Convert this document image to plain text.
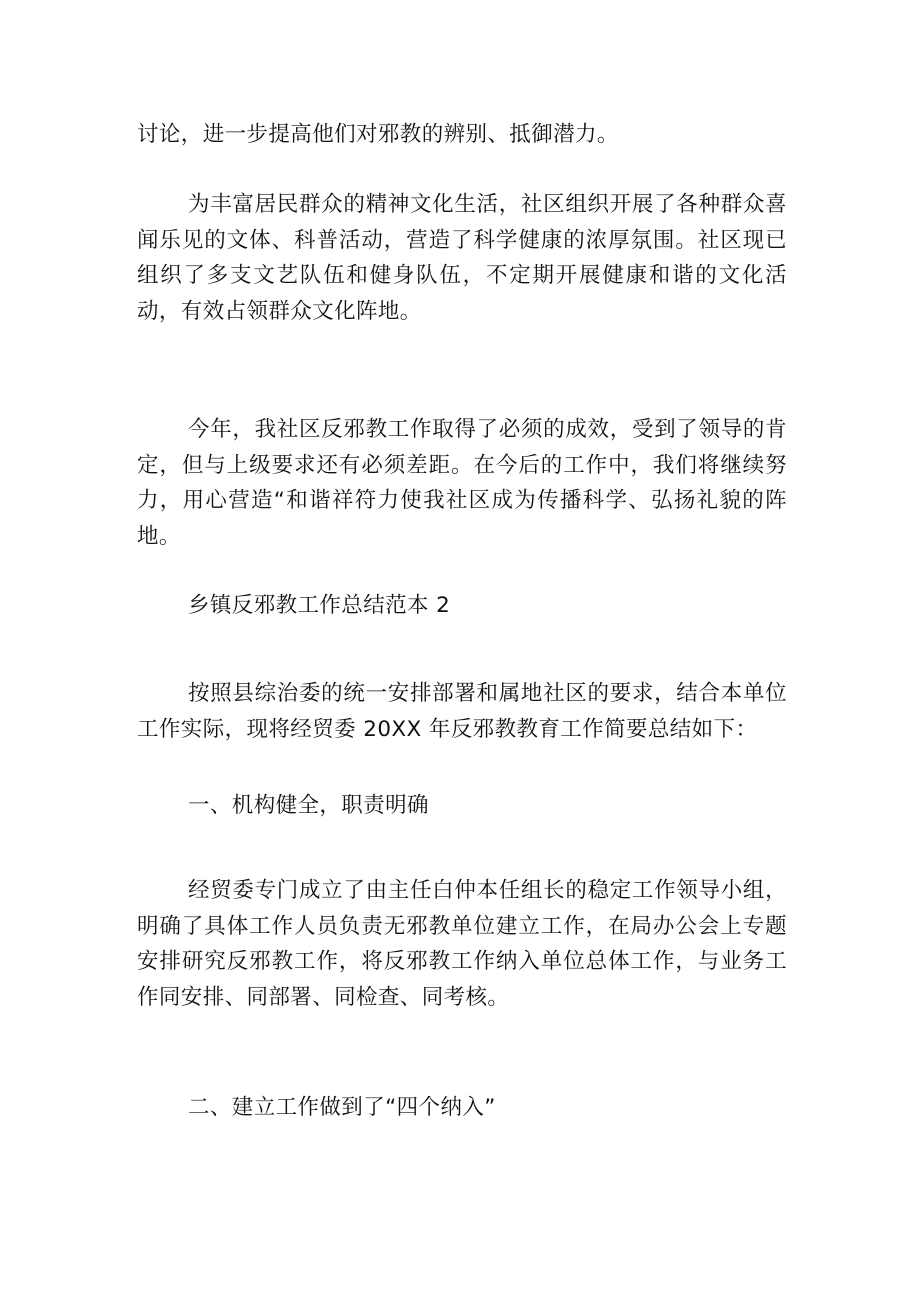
讨论，进一步提高他们对邪教的辨别、抵御潜力。

为丰富居民群众的精神文化生活，社区组织开展了各种群众喜闻乐见的文体、科普活动，营造了科学健康的浓厚氛围。社区现已组织了多支文艺队伍和健身队伍，不定期开展健康和谐的文化活动，有效占领群众文化阵地。

今年，我社区反邪教工作取得了必须的成效，受到了领导的肯定，但与上级要求还有必须差距。在今后的工作中，我们将继续努力，用心营造“和谐祥符力使我社区成为传播科学、弘扬礼貌的阵地。

乡镇反邪教工作总结范本 2

按照县综治委的统一安排部署和属地社区的要求，结合本单位工作实际，现将经贸委 20XX 年反邪教教育工作简要总结如下：

一、机构健全，职责明确

经贸委专门成立了由主任白仲本任组长的稳定工作领导小组，明确了具体工作人员负责无邪教单位建立工作，在局办公会上专题安排研究反邪教工作，将反邪教工作纳入单位总体工作，与业务工作同安排、同部署、同检查、同考核。

二、建立工作做到了“四个纳入”
